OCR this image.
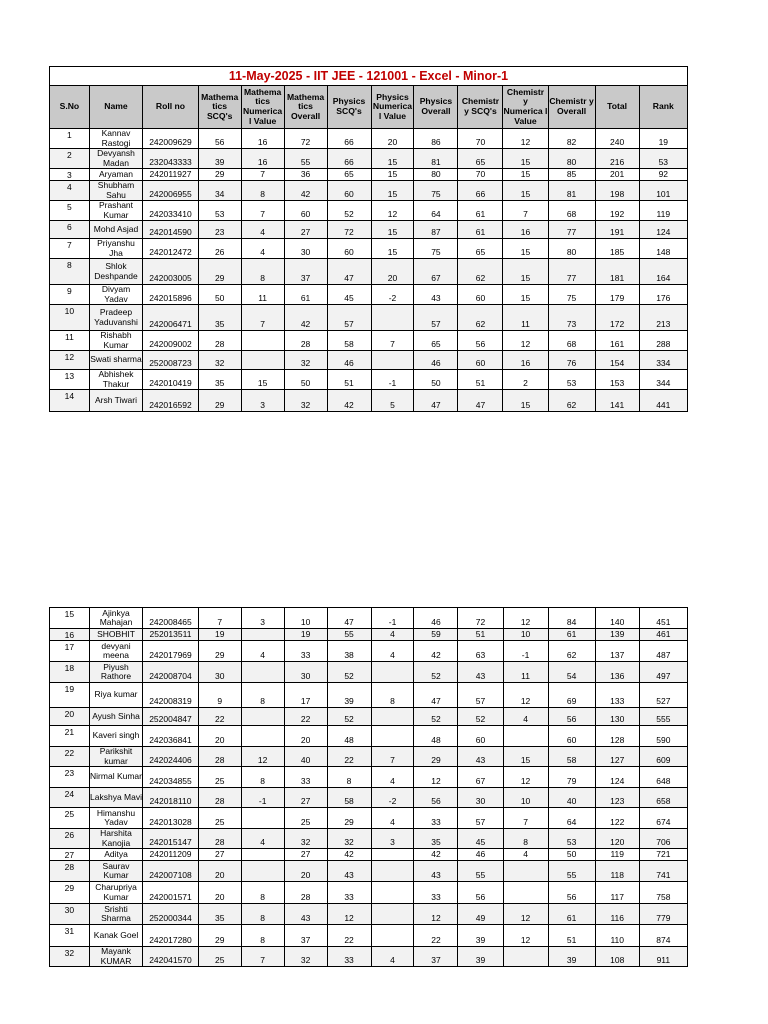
11-May-2025 - IIT JEE - 121001 - Excel - Minor-1													
S.No	Name	Roll no	Mathema tics SCQ's	Mathema tics Numerica l Value	Mathema tics Overall	Physics SCQ's	Physics Numerica l Value	Physics Overall	Chemistr y SCQ's	Chemistr y Numerica l Value	Chemistr y Overall	Total	Rank
1	Kannav Rastogi	242009629	56	16	72	66	20	86	70	12	82	240	19
2	Devyansh Madan	232043333	39	16	55	66	15	81	65	15	80	216	53
3	Aryaman	242011927	29	7	36	65	15	80	70	15	85	201	92
4	Shubham Sahu	242006955	34	8	42	60	15	75	66	15	81	198	101
5	Prashant Kumar	242033410	53	7	60	52	12	64	61	7	68	192	119
6	Mohd Asjad	242014590	23	4	27	72	15	87	61	16	77	191	124
7	Priyanshu Jha	242012472	26	4	30	60	15	75	65	15	80	185	148
8	Shlok Deshpande	242003005	29	8	37	47	20	67	62	15	77	181	164
9	Divyam Yadav	242015896	50	11	61	45	-2	43	60	15	75	179	176
10	Pradeep Yaduvanshi	242006471	35	7	42	57		57	62	11	73	172	213
11	Rishabh Kumar	242009002	28		28	58	7	65	56	12	68	161	288
12	Swati sharma	252008723	32		32	46		46	60	16	76	154	334
13	Abhishek Thakur	242010419	35	15	50	51	-1	50	51	2	53	153	344
14	Arsh Tiwari	242016592	29	3	32	42	5	47	47	15	62	141	441
15	Ajinkya Mahajan	242008465	7	3	10	47	-1	46	72	12	84	140	451
16	SHOBHIT	252013511	19		19	55	4	59	51	10	61	139	461
17	devyani meena	242017969	29	4	33	38	4	42	63	-1	62	137	487
18	Piyush Rathore	242008704	30		30	52		52	43	11	54	136	497
19	Riya kumar	242008319	9	8	17	39	8	47	57	12	69	133	527
20	Ayush Sinha	252004847	22		22	52		52	52	4	56	130	555
21	Kaveri singh	242036841	20		20	48		48	60		60	128	590
22	Parikshit kumar	242024406	28	12	40	22	7	29	43	15	58	127	609
23	Nirmal Kumar	242034855	25	8	33	8	4	12	67	12	79	124	648
24	Lakshya Mavi	242018110	28	-1	27	58	-2	56	30	10	40	123	658
25	Himanshu Yadav	242013028	25		25	29	4	33	57	7	64	122	674
26	Harshita Kanojia	242015147	28	4	32	32	3	35	45	8	53	120	706
27	Aditya	242011209	27		27	42		42	46	4	50	119	721
28	Saurav Kumar	242007108	20		20	43		43	55		55	118	741
29	Charupriya Kumar	242001571	20	8	28	33		33	56		56	117	758
30	Srishti Sharma	252000344	35	8	43	12		12	49	12	61	116	779
31	Kanak Goel	242017280	29	8	37	22		22	39	12	51	110	874
32	Mayank KUMAR	242041570	25	7	32	33	4	37	39		39	108	911
